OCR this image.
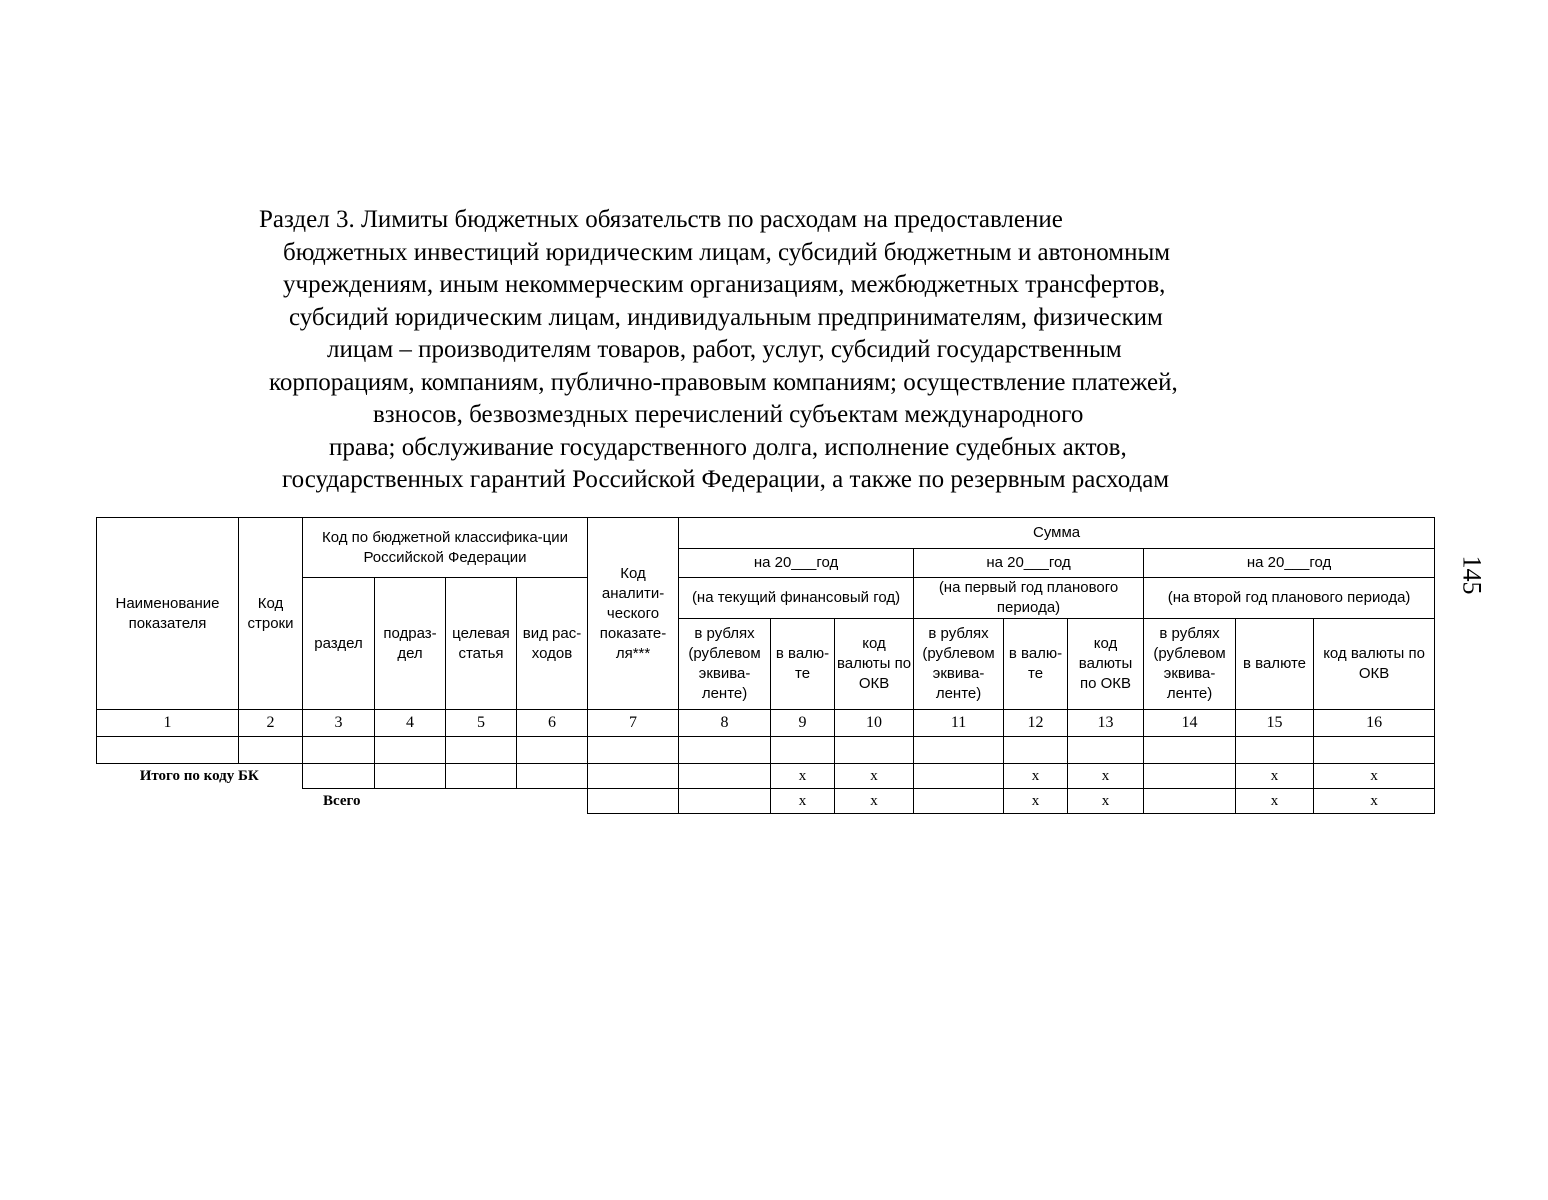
Раздел 3. Лимиты бюджетных обязательств по расходам на предоставление
бюджетных инвестиций юридическим лицам, субсидий бюджетным и автономным
учреждениям, иным некоммерческим организациям, межбюджетных трансфертов,
субсидий юридическим лицам, индивидуальным предпринимателям, физическим
лицам – производителям товаров, работ, услуг, субсидий государственным
корпорациям, компаниям, публично-правовым компаниям; осуществление платежей,
взносов, безвозмездных перечислений субъектам международного
права; обслуживание государственного долга, исполнение судебных актов,
государственных гарантий Российской Федерации, а также по резервным расходам
145
Наименование показателя	Код строки	Код по бюджетной классифика-ции Российской Федерации				Код аналити-ческого показате-ля***	Сумма								
							на 20___год			на 20___год			на 20___год		
		раздел	подраз-дел	целевая статья	вид рас-ходов		(на текущий финансовый год)			(на первый год планового периода)			(на второй год планового периода)		
							в рублях (рублевом эквива-ленте)	в валю-те	код валюты по ОКВ	в рублях (рублевом эквива-ленте)	в валю-те	код валюты по ОКВ	в рублях (рублевом эквива-ленте)	в валюте	код валюты по ОКВ
1	2	3	4	5	6	7	8	9	10	11	12	13	14	15	16

Итого по коду БК								x	x		x	x		x	x
Всего								x	x		x	x		x	x
